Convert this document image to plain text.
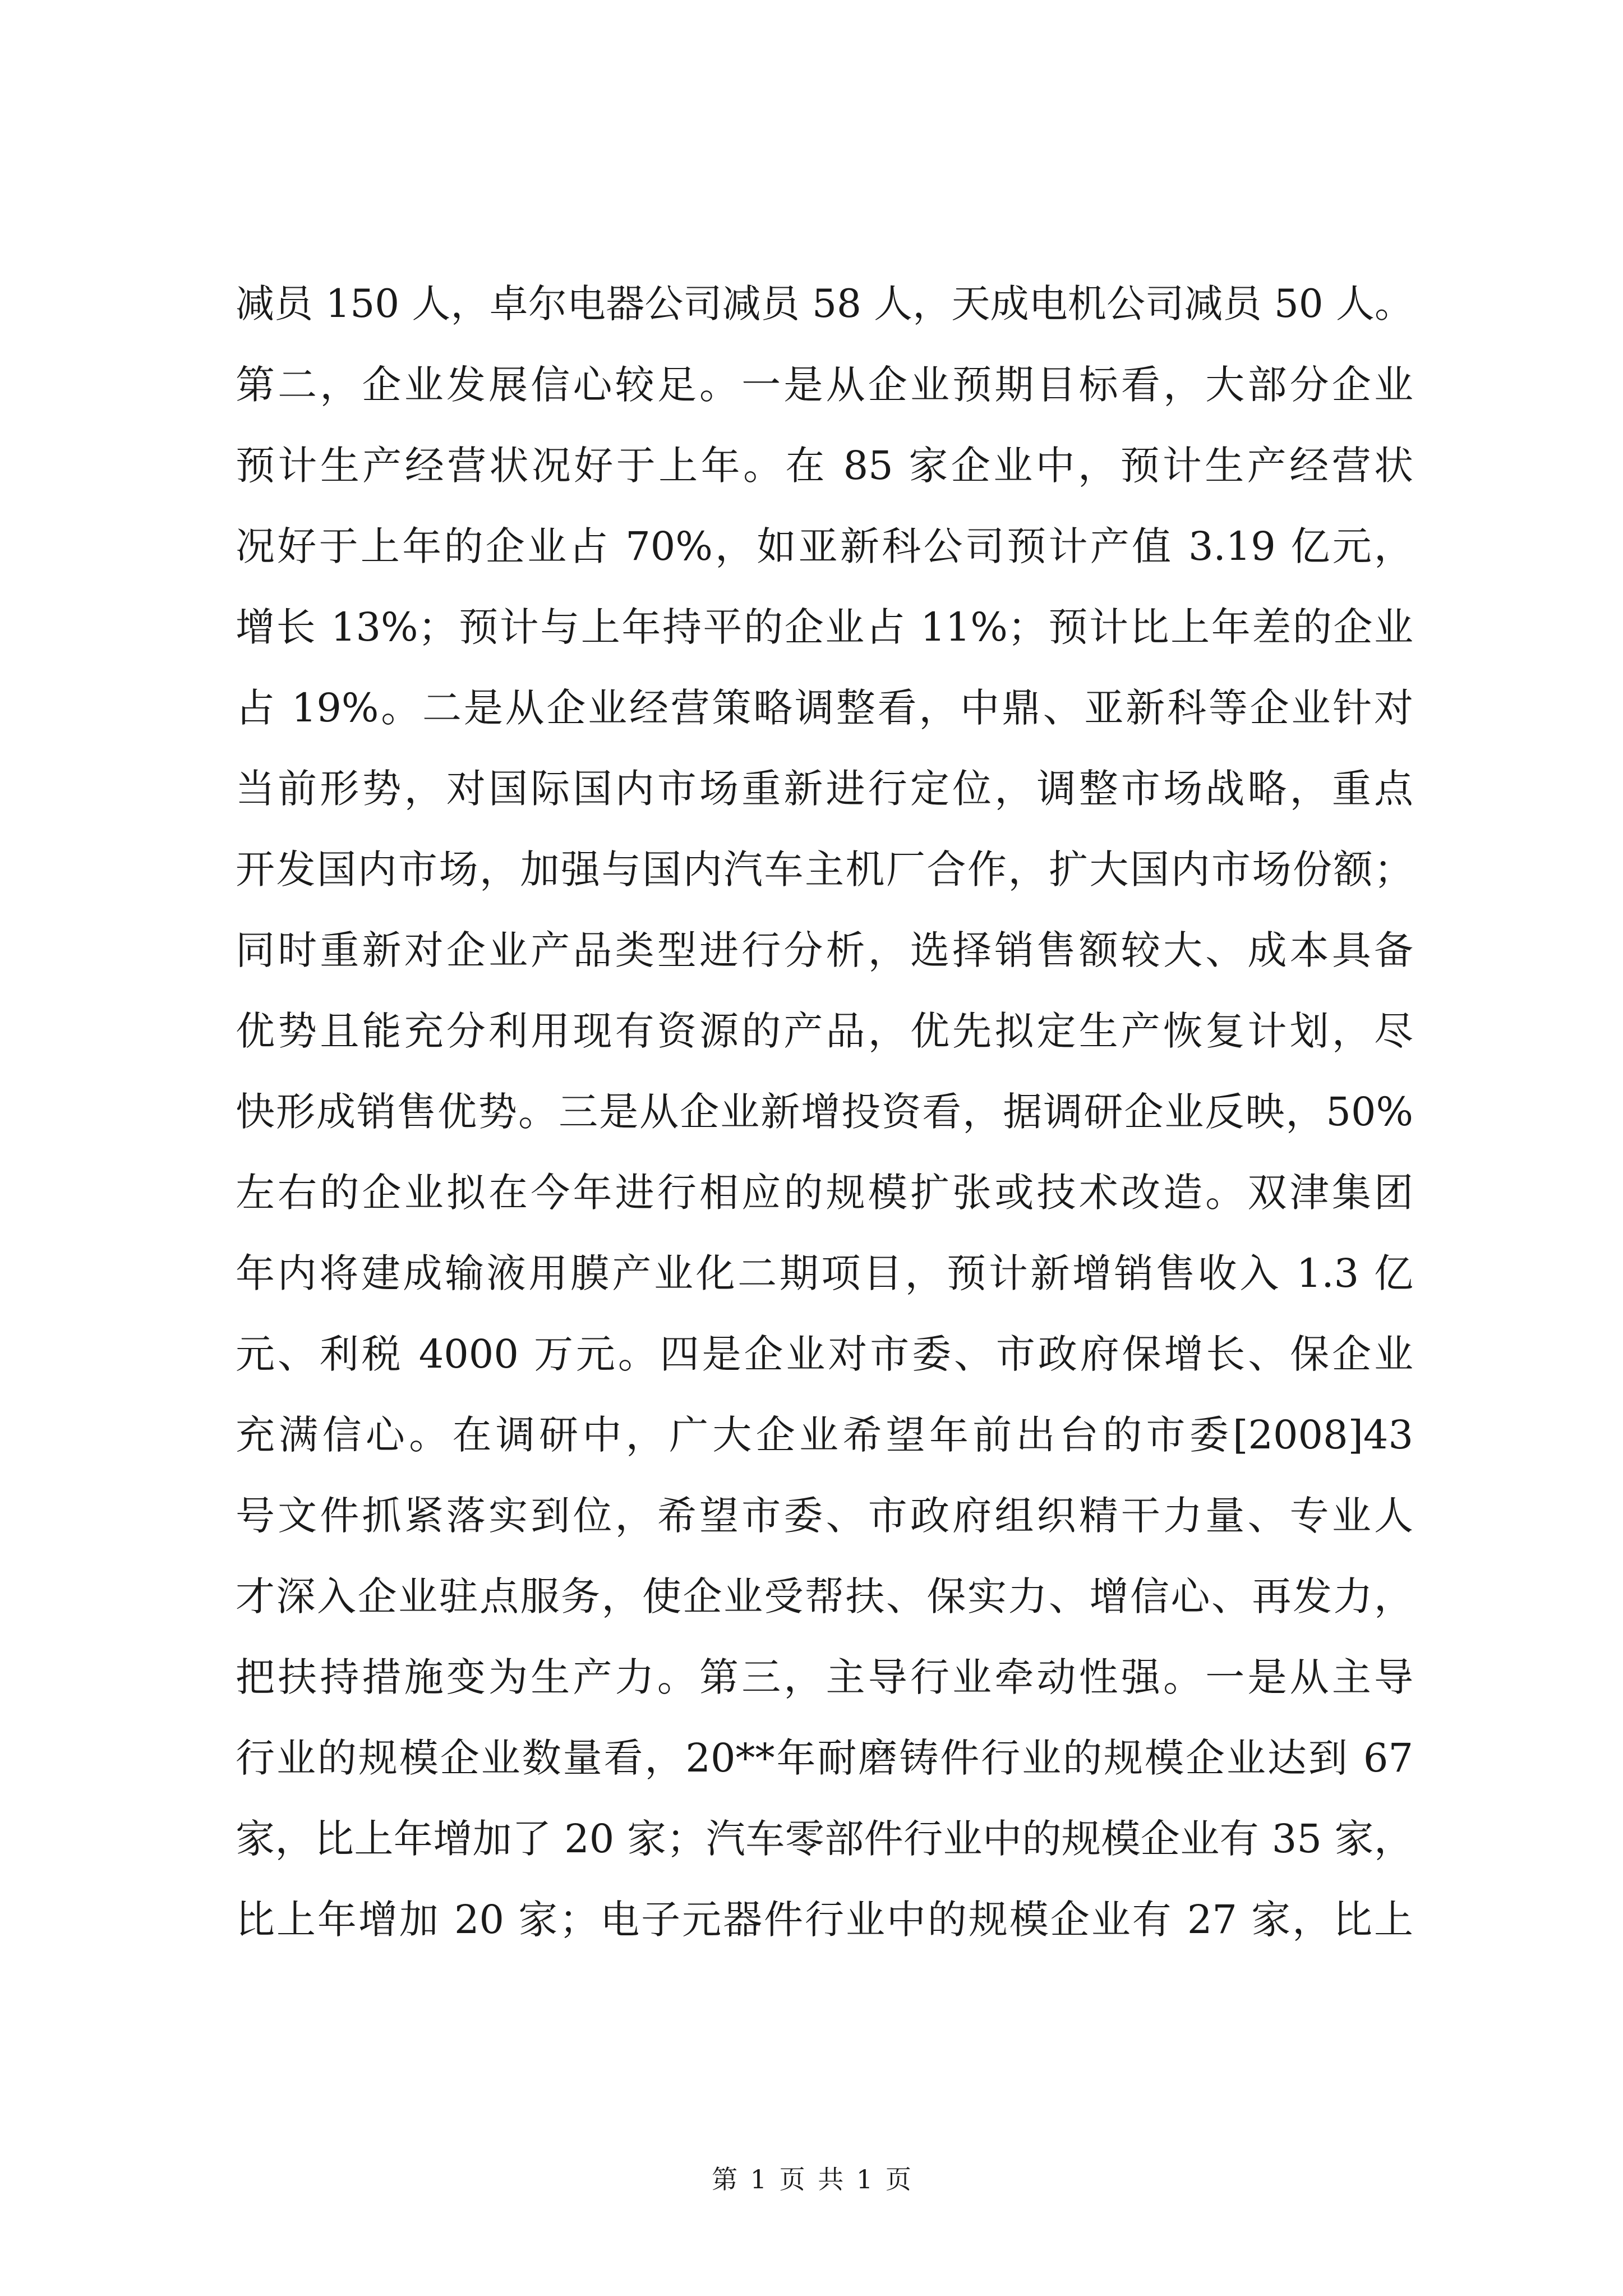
减员 150 人，卓尔电器公司减员 58 人，天成电机公司减员 50 人。
第二，企业发展信心较足。一是从企业预期目标看，大部分企业
预计生产经营状况好于上年。在 85 家企业中，预计生产经营状
况好于上年的企业占 70%，如亚新科公司预计产值 3.19 亿元，
增长 13%；预计与上年持平的企业占 11%；预计比上年差的企业
占 19%。二是从企业经营策略调整看，中鼎、亚新科等企业针对
当前形势，对国际国内市场重新进行定位，调整市场战略，重点
开发国内市场，加强与国内汽车主机厂合作，扩大国内市场份额；
同时重新对企业产品类型进行分析，选择销售额较大、成本具备
优势且能充分利用现有资源的产品，优先拟定生产恢复计划，尽
快形成销售优势。三是从企业新增投资看，据调研企业反映，50%
左右的企业拟在今年进行相应的规模扩张或技术改造。双津集团
年内将建成输液用膜产业化二期项目，预计新增销售收入 1.3 亿
元、利税 4000 万元。四是企业对市委、市政府保增长、保企业
充满信心。在调研中，广大企业希望年前出台的市委[2008]43
号文件抓紧落实到位，希望市委、市政府组织精干力量、专业人
才深入企业驻点服务，使企业受帮扶、保实力、增信心、再发力，
把扶持措施变为生产力。第三，主导行业牵动性强。一是从主导
行业的规模企业数量看，20**年耐磨铸件行业的规模企业达到 67
家，比上年增加了 20 家；汽车零部件行业中的规模企业有 35 家，
比上年增加 20 家；电子元器件行业中的规模企业有 27 家，比上
第 1 页 共 1 页
